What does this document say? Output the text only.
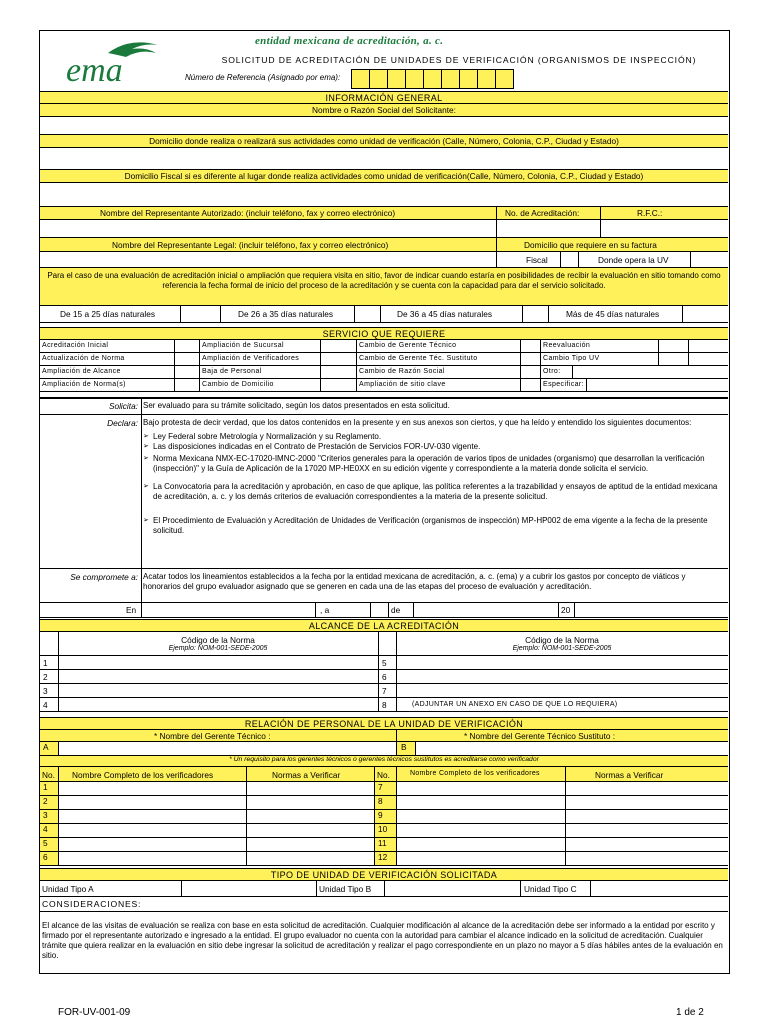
ema
entidad mexicana de acreditación, a. c.
SOLICITUD DE ACREDITACIÓN DE UNIDADES DE VERIFICACIÓN (ORGANISMOS DE INSPECCIÓN)
Número de Referencia (Asignado por ema):
INFORMACIÓN GENERAL
Nombre o Razón Social del Solicitante:
Domicilio donde realiza o realizará sus actividades como unidad de verificación (Calle, Número, Colonia, C.P., Ciudad y Estado)
Domicilio Fiscal si es diferente al lugar donde realiza actividades como unidad de verificación(Calle, Número, Colonia, C.P., Ciudad y Estado)
Nombre del Representante Autorizado: (incluir teléfono, fax y correo electrónico)	No. de Acreditación:	R.F.C.:
Nombre del Representante Legal: (incluir teléfono, fax y correo electrónico)	Domicilio que requiere en su factura
Fiscal	Donde opera la UV
Para el caso de una evaluación de acreditación inicial o ampliación que requiera visita en sitio, favor de indicar cuando estaría en posibilidades de recibir la evaluación en sitio tomando como referencia la fecha formal de inicio del proceso de la acreditación y se cuenta con la capacidad para dar el servicio solicitado.
De 15 a 25 días naturales	De 26 a 35 días naturales	De 36 a 45 días naturales	Más de 45 días naturales
SERVICIO QUE REQUIERE
Acreditación Inicial	Ampliación de Sucursal	Cambio de Gerente Técnico	Reevaluación
Actualización de Norma	Ampliación de Verificadores	Cambio de Gerente Téc. Sustituto	Cambio Tipo UV
Ampliación de Alcance	Baja de Personal	Cambio de Razón Social	Otro:
Ampliación de Norma(s)	Cambio de Domicilio	Ampliación de sitio clave	Especificar:
Solicita: Ser evaluado para su trámite solicitado, según los datos presentados en esta solicitud.
Declara: Bajo protesta de decir verdad, que los datos contenidos en la presente y en sus anexos son ciertos, y que ha leído y entendido los siguientes documentos:

➢ Ley Federal sobre Metrología y Normalización y su Reglamento.

➢ Las disposiciones indicadas en el Contrato de Prestación de Servicios FOR-UV-030 vigente.

➢ Norma Mexicana NMX-EC-17020-IMNC-2000 "Criterios generales para la operación de varios tipos de unidades (organismo) que desarrollan la verificación (inspección)" y la Guía de Aplicación de la 17020 MP-HE0XX en su edición vigente y correspondiente a la materia donde solicita el servicio.

➢ La Convocatoria para la acreditación y aprobación, en caso de que aplique, las política referentes a la trazabilidad y ensayos de aptitud de la entidad mexicana de acreditación, a. c. y los demás criterios de evaluación correspondientes a la materia de la presente solicitud.

➢ El Procedimiento de Evaluación y Acreditación de Unidades de Verificación (organismos de inspección) MP-HP002 de ema vigente a la fecha de la presente solicitud.

Se compromete a: Acatar todos los lineamientos establecidos a la fecha por la entidad mexicana de acreditación, a. c. (ema) y a cubrir los gastos por concepto de viáticos y honorarios del grupo evaluador asignado que se generen en cada una de las etapas del proceso de evaluación y acreditación.
En	, a	de	20
ALCANCE DE LA ACREDITACIÓN
Código de la Norma
Ejemplo: NOM-001-SEDE-2005
Código de la Norma
Ejemplo: NOM-001-SEDE-2005
1	5
2	6
3	7
4	8	(ADJUNTAR UN ANEXO EN CASO DE QUE LO REQUIERA)
RELACIÓN DE PERSONAL DE LA UNIDAD DE VERIFICACIÓN
* Nombre del Gerente Técnico :	* Nombre del Gerente Técnico Sustituto :
A	B
* Un requisito para los gerentes técnicos o gerentes técnicos sustitutos es acreditarse como verificador
No. Nombre Completo de los verificadores	Normas a Verificar	No.	Nombre Completo de los verificadores	Normas a Verificar
1	7
2	8
3	9
4	10
5	11
6	12
TIPO DE UNIDAD DE VERIFICACIÓN SOLICITADA
Unidad Tipo A	Unidad Tipo B	Unidad Tipo C
CONSIDERACIONES:
El alcance de las visitas de evaluación se realiza con base en esta solicitud de acreditación. Cualquier modificación al alcance de la acreditación debe ser informado a la entidad por escrito y firmado por el representante autorizado e ingresado a la entidad. El grupo evaluador no cuenta con la autoridad para cambiar el alcance indicado en la solicitud de acreditación. Cualquier trámite que quiera realizar en la evaluación en sitio debe ingresar la solicitud de acreditación y realizar el pago correspondiente en un plazo no mayor a 5 días hábiles antes de la evaluación en sitio.
FOR-UV-001-09	1 de 2
